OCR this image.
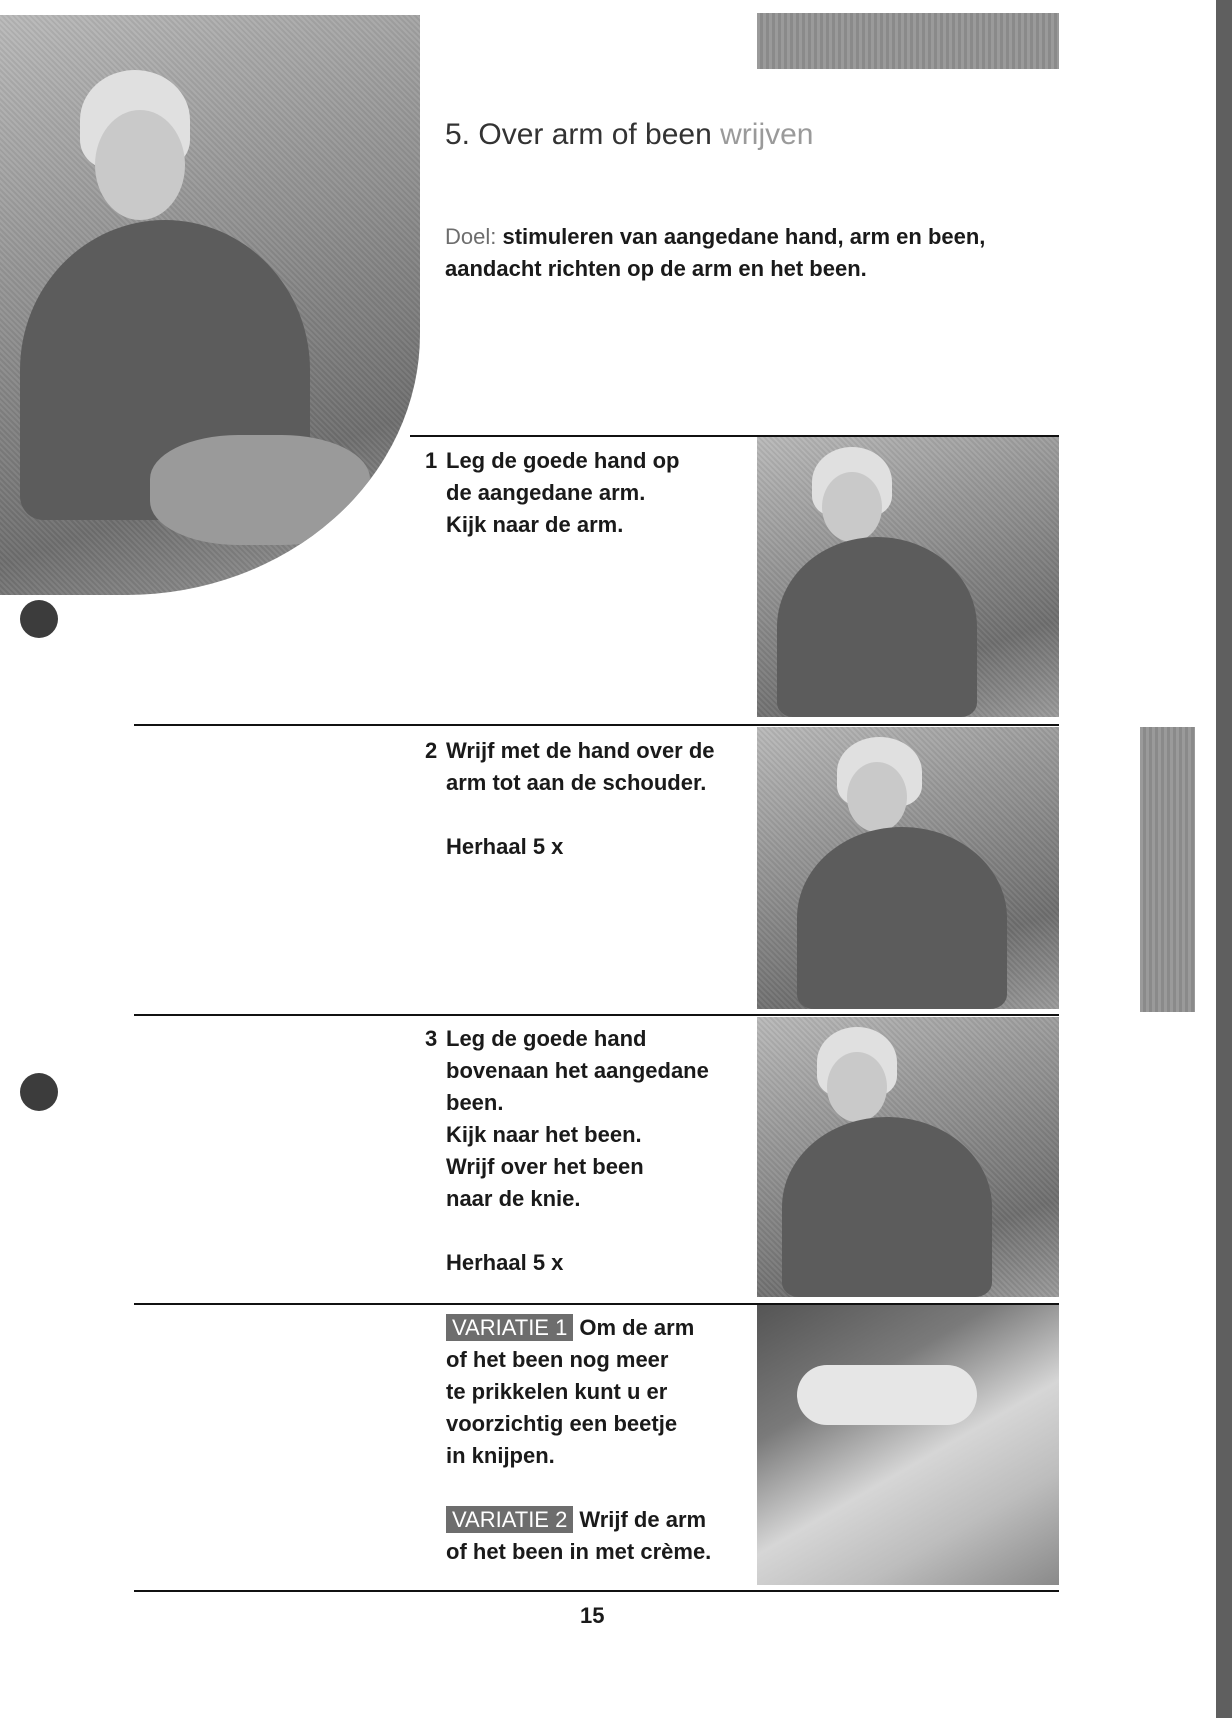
5. Over arm of been wrijven
Doel: stimuleren van aangedane hand, arm en been,
aandacht richten op de arm en het been.
1 Leg de goede hand op
de aangedane arm.
Kijk naar de arm.
2 Wrijf met de hand over de
arm tot aan de schouder.
Herhaal 5 x
3 Leg de goede hand
bovenaan het aangedane
been.
Kijk naar het been.
Wrijf over het been
naar de knie.
Herhaal 5 x
VARIATIE 1 Om de arm
of het been nog meer
te prikkelen kunt u er
voorzichtig een beetje
in knijpen.
VARIATIE 2 Wrijf de arm
of het been in met crème.
15
